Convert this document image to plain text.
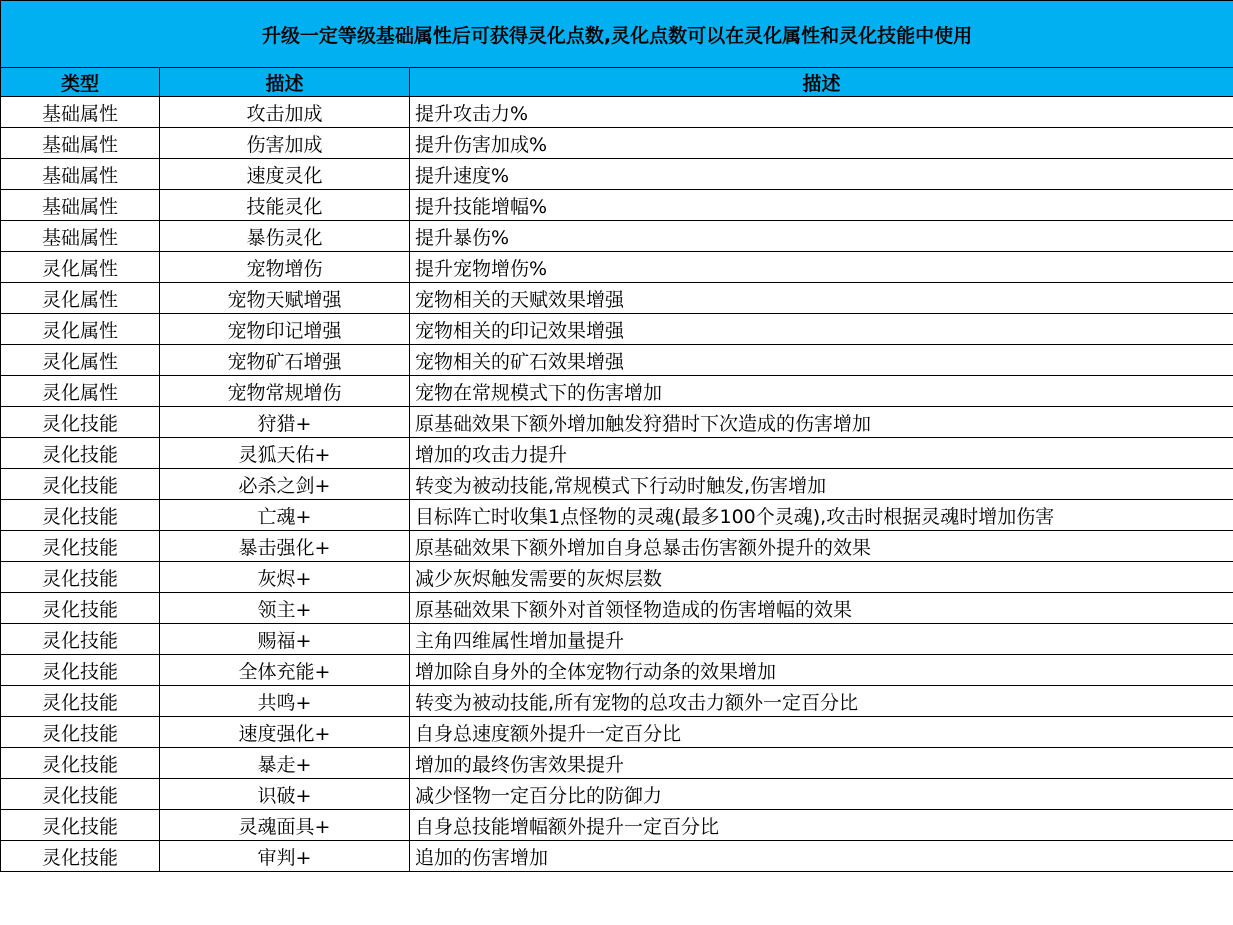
升级一定等级基础属性后可获得灵化点数,灵化点数可以在灵化属性和灵化技能中使用		
类型	描述	描述
基础属性	攻击加成	提升攻击力%
基础属性	伤害加成	提升伤害加成%
基础属性	速度灵化	提升速度%
基础属性	技能灵化	提升技能增幅%
基础属性	暴伤灵化	提升暴伤%
灵化属性	宠物增伤	提升宠物增伤%
灵化属性	宠物天赋增强	宠物相关的天赋效果增强
灵化属性	宠物印记增强	宠物相关的印记效果增强
灵化属性	宠物矿石增强	宠物相关的矿石效果增强
灵化属性	宠物常规增伤	宠物在常规模式下的伤害增加
灵化技能	狩猎+	原基础效果下额外增加触发狩猎时下次造成的伤害增加
灵化技能	灵狐天佑+	增加的攻击力提升
灵化技能	必杀之剑+	转变为被动技能,常规模式下行动时触发,伤害增加
灵化技能	亡魂+	目标阵亡时收集1点怪物的灵魂(最多100个灵魂),攻击时根据灵魂时增加伤害
灵化技能	暴击强化+	原基础效果下额外增加自身总暴击伤害额外提升的效果
灵化技能	灰烬+	减少灰烬触发需要的灰烬层数
灵化技能	领主+	原基础效果下额外对首领怪物造成的伤害增幅的效果
灵化技能	赐福+	主角四维属性增加量提升
灵化技能	全体充能+	增加除自身外的全体宠物行动条的效果增加
灵化技能	共鸣+	转变为被动技能,所有宠物的总攻击力额外一定百分比
灵化技能	速度强化+	自身总速度额外提升一定百分比
灵化技能	暴走+	增加的最终伤害效果提升
灵化技能	识破+	减少怪物一定百分比的防御力
灵化技能	灵魂面具+	自身总技能增幅额外提升一定百分比
灵化技能	审判+	追加的伤害增加
